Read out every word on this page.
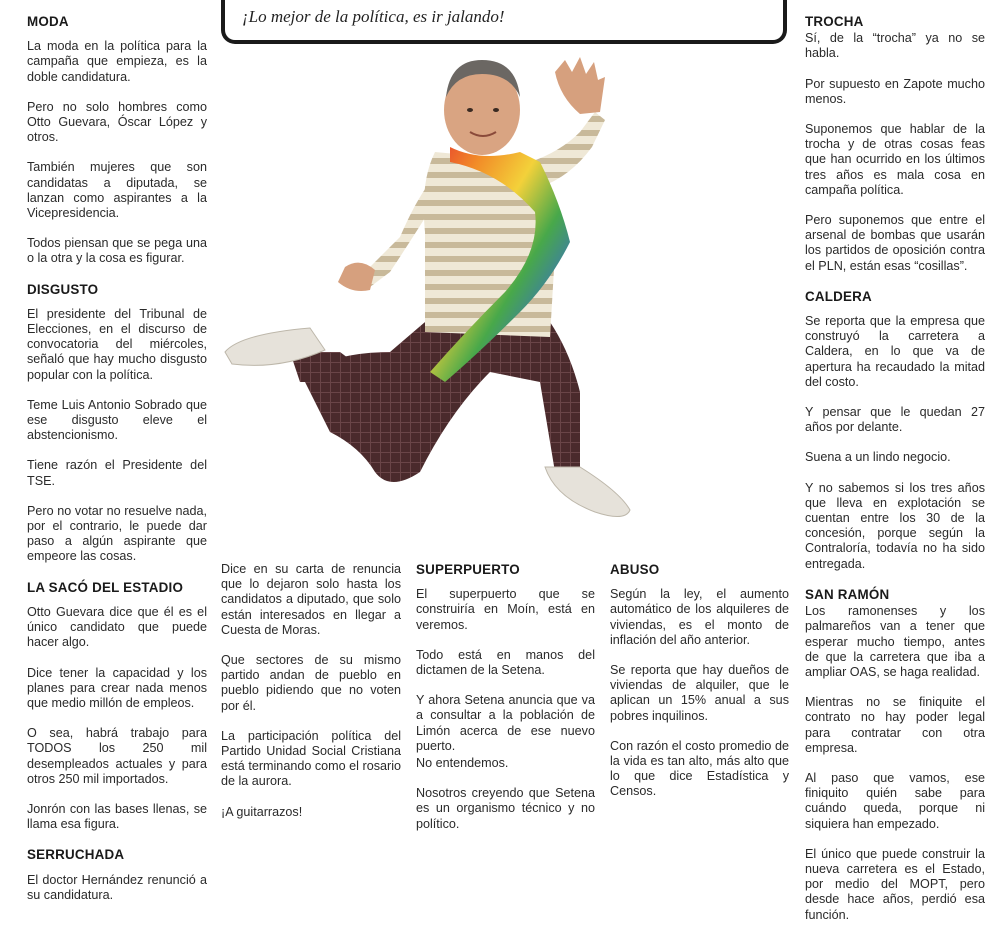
¡Lo mejor de la política, es ir jalando!
MODA

La moda en la política para la campaña que empieza, es la doble candidatura.

Pero no solo hombres como Otto Guevara, Óscar López y otros.

También mujeres que son candidatas a diputada, se lanzan como aspirantes a la Vicepresidencia.

Todos piensan que se pega una o la otra y la cosa es figurar.

DISGUSTO

El presidente del Tribunal de Elecciones, en el discurso de convocatoria del miércoles, señaló que hay mucho disgusto popular con la política.

Teme Luis Antonio Sobrado que ese disgusto eleve el abstencionismo.

Tiene razón el Presidente del TSE.

Pero no votar no resuelve nada, por el contrario, le puede dar paso a algún aspirante que empeore las cosas.

LA SACÓ DEL ESTADIO

Otto Guevara dice que él es el único candidato que puede hacer algo.

Dice tener la capacidad y los planes para crear nada menos que medio millón de empleos.

O sea, habrá trabajo para TODOS los 250 mil desempleados actuales y para otros 250 mil importados.

Jonrón con las bases llenas, se llama esa figura.

SERRUCHADA

El doctor Hernández renunció a su candidatura.

Dice en su carta de renuncia que lo dejaron solo hasta los candidatos a diputado, que solo están interesados en llegar a Cuesta de Moras.

Que sectores de su mismo partido andan de pueblo en pueblo pidiendo que no voten por él.

La participación política del Partido Unidad Social Cristiana está terminando como el rosario de la aurora.

¡A guitarrazos!

SUPERPUERTO

El superpuerto que se construiría en Moín, está en veremos.

Todo está en manos del dictamen de la Setena.

Y ahora Setena anuncia que va a consultar a la población de Limón acerca de ese nuevo puerto.

No entendemos.

Nosotros creyendo que Setena es un organismo técnico y no político.

ABUSO

Según la ley, el aumento automático de los alquileres de viviendas, es el monto de inflación del año anterior.

Se reporta que hay dueños de viviendas de alquiler, que le aplican un 15% anual a sus pobres inquilinos.

Con razón el costo promedio de la vida es tan alto, más alto que lo que dice Estadística y Censos.

TROCHA

Sí, de la “trocha” ya no se habla.

Por supuesto en Zapote mucho menos.

Suponemos que hablar de la trocha y de otras cosas feas que han ocurrido en los últimos tres años es mala cosa en campaña política.

Pero suponemos que entre el arsenal de bombas que usarán los partidos de oposición contra el PLN, están esas “cosillas”.

CALDERA

Se reporta que la empresa que construyó la carretera a Caldera, en lo que va de apertura ha recaudado la mitad del costo.

Y pensar que le quedan 27 años por delante.

Suena a un lindo negocio.

Y no sabemos si los tres años que lleva en explotación se cuentan entre los 30 de la concesión, porque según la Contraloría, todavía no ha sido entregada.

SAN RAMÓN

Los ramonenses y los palmareños van a tener que esperar mucho tiempo, antes de que la carretera que iba a ampliar OAS, se haga realidad.

Mientras no se finiquite el contrato no hay poder legal para contratar con otra empresa.

Al paso que vamos, ese finiquito quién sabe para cuándo queda, porque ni siquiera han empezado.

El único que puede construir la nueva carretera es el Estado, por medio del MOPT, pero desde hace años, perdió esa función.
